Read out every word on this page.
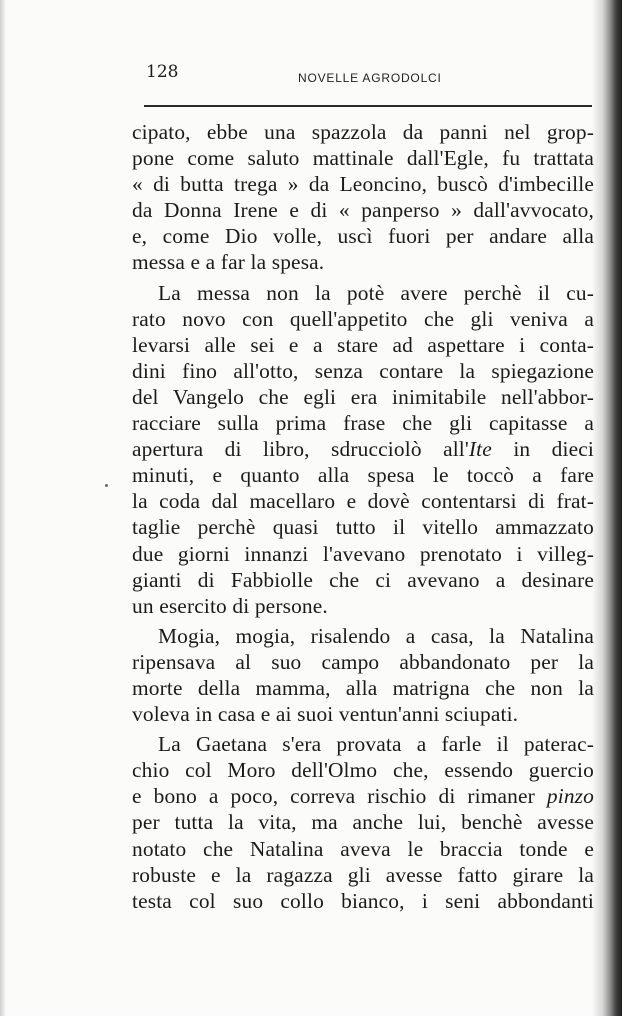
128	NOVELLE AGRODOLCI
cipato, ebbe una spazzola da panni nel grop-
pone come saluto mattinale dall'Egle, fu trattata
« di butta trega » da Leoncino, buscò d'imbecille
da Donna Irene e di « panperso » dall'avvocato,
e, come Dio volle, uscì fuori per andare alla
messa e a far la spesa.
La messa non la potè avere perchè il cu-
rato novo con quell'appetito che gli veniva a
levarsi alle sei e a stare ad aspettare i conta-
dini fino all'otto, senza contare la spiegazione
del Vangelo che egli era inimitabile nell'abbor-
racciare sulla prima frase che gli capitasse a
apertura di libro, sdrucciolò all'Ite in dieci
minuti, e quanto alla spesa le toccò a fare
la coda dal macellaro e dovè contentarsi di frat-
taglie perchè quasi tutto il vitello ammazzato
due giorni innanzi l'avevano prenotato i villeg-
gianti di Fabbiolle che ci avevano a desinare
un esercito di persone.
Mogia, mogia, risalendo a casa, la Natalina
ripensava al suo campo abbandonato per la
morte della mamma, alla matrigna che non la
voleva in casa e ai suoi ventun'anni sciupati.
La Gaetana s'era provata a farle il paterac-
chio col Moro dell'Olmo che, essendo guercio
e bono a poco, correva rischio di rimaner pinzo
per tutta la vita, ma anche lui, benchè avesse
notato che Natalina aveva le braccia tonde e
robuste e la ragazza gli avesse fatto girare la
testa col suo collo bianco, i seni abbondanti
